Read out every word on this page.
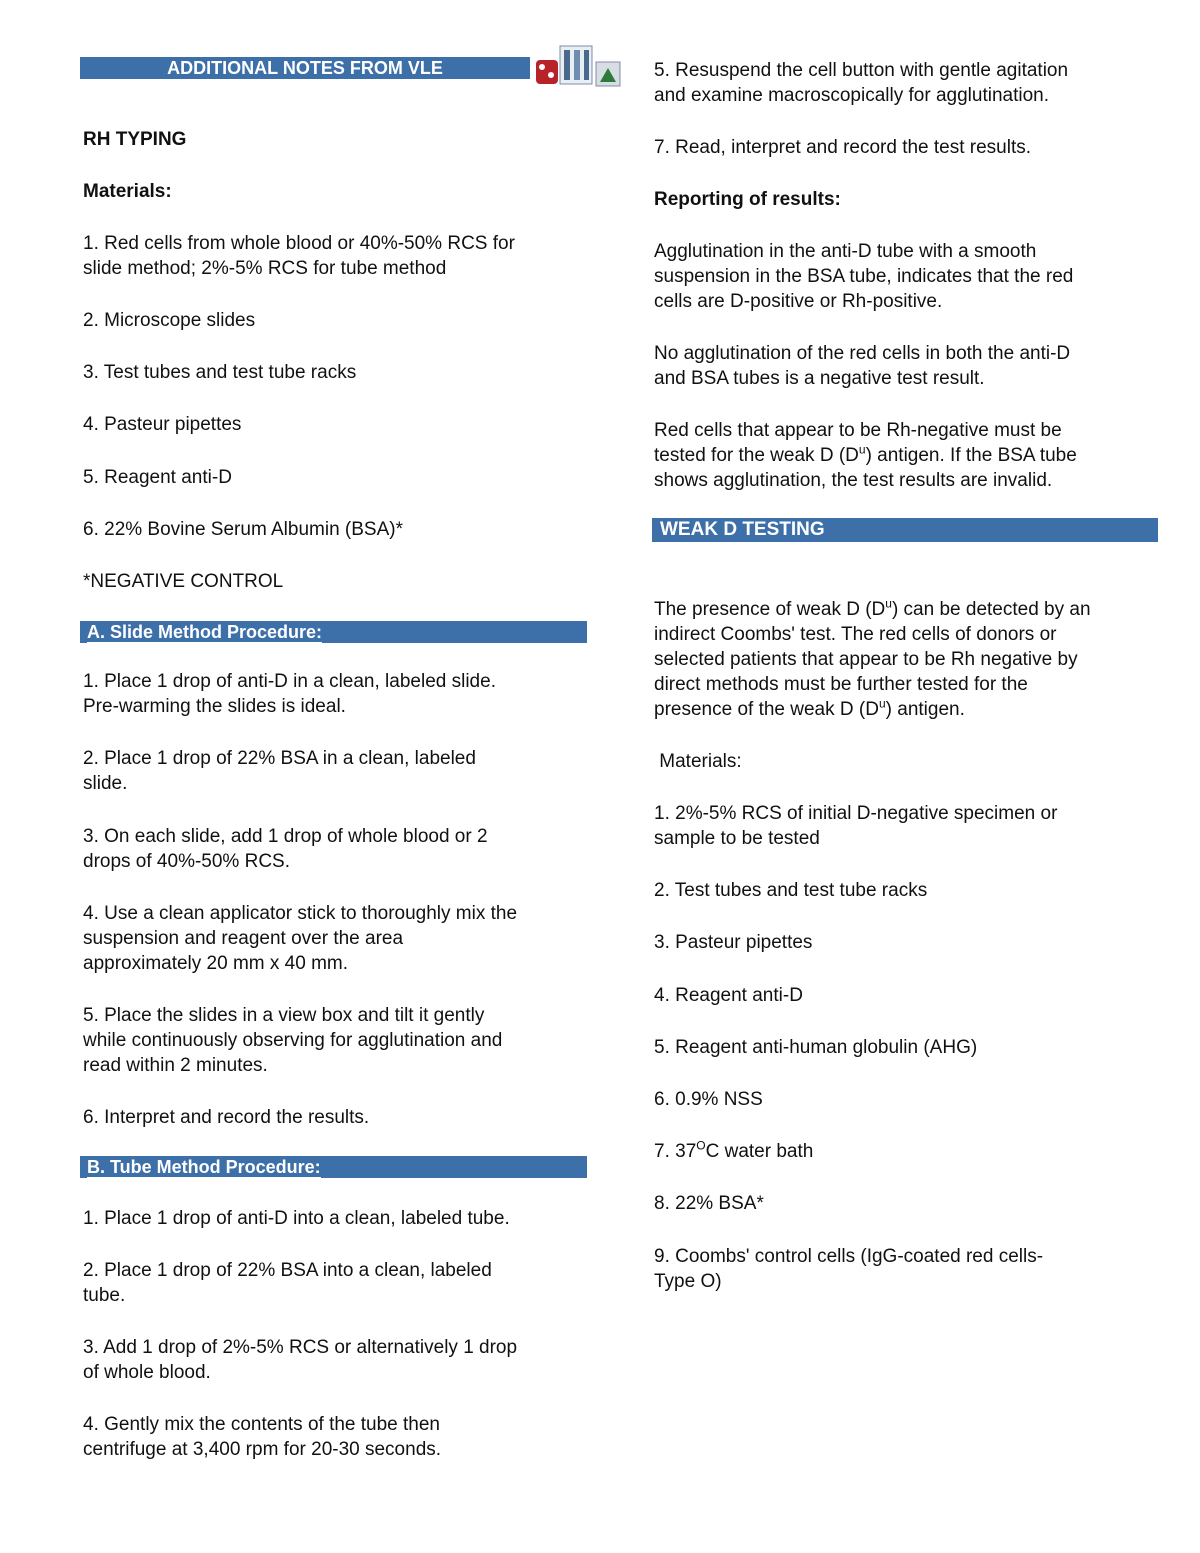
ADDITIONAL NOTES FROM VLE

RH TYPING

Materials:

1. Red cells from whole blood or 40%-50% RCS for

slide method; 2%-5% RCS for tube method

2. Microscope slides

3. Test tubes and test tube racks

4. Pasteur pipettes

5. Reagent anti-D

6. 22% Bovine Serum Albumin (BSA)*

*NEGATIVE CONTROL

A. Slide Method Procedure:

1. Place 1 drop of anti-D in a clean, labeled slide.

Pre-warming the slides is ideal.

2. Place 1 drop of 22% BSA in a clean, labeled

slide.

3. On each slide, add 1 drop of whole blood or 2

drops of 40%-50% RCS.

4. Use a clean applicator stick to thoroughly mix the

suspension and reagent over the area

approximately 20 mm x 40 mm.

5. Place the slides in a view box and tilt it gently

while continuously observing for agglutination and

read within 2 minutes.

6. Interpret and record the results.

B. Tube Method Procedure:

1. Place 1 drop of anti-D into a clean, labeled tube.

2. Place 1 drop of 22% BSA into a clean, labeled

tube.

3. Add 1 drop of 2%-5% RCS or alternatively 1 drop

of whole blood.

4. Gently mix the contents of the tube then

centrifuge at 3,400 rpm for 20-30 seconds.

5. Resuspend the cell button with gentle agitation

and examine macroscopically for agglutination.

7. Read, interpret and record the test results.

Reporting of results:

Agglutination in the anti-D tube with a smooth

suspension in the BSA tube, indicates that the red

cells are D-positive or Rh-positive.

No agglutination of the red cells in both the anti-D

and BSA tubes is a negative test result.

Red cells that appear to be Rh-negative must be

tested for the weak D $(D^u)$ antigen. If the BSA tube

shows agglutination, the test results are invalid.

WEAK D TESTING

The presence of weak D $(D^u)$ can be detected by an

indirect Coombs' test. The red cells of donors or

selected patients that appear to be Rh negative by

direct methods must be further tested for the

presence of the weak D $(D^u)$ antigen.

Materials:

1. 2%-5% RCS of initial D-negative specimen or

sample to be tested

2. Test tubes and test tube racks

3. Pasteur pipettes

4. Reagent anti-D

5. Reagent anti-human globulin (AHG)

6. 0.9% NSS

7. $37^OC$ water bath

8. 22% BSA*

9. Coombs' control cells (IgG-coated red cells-

Type O)
